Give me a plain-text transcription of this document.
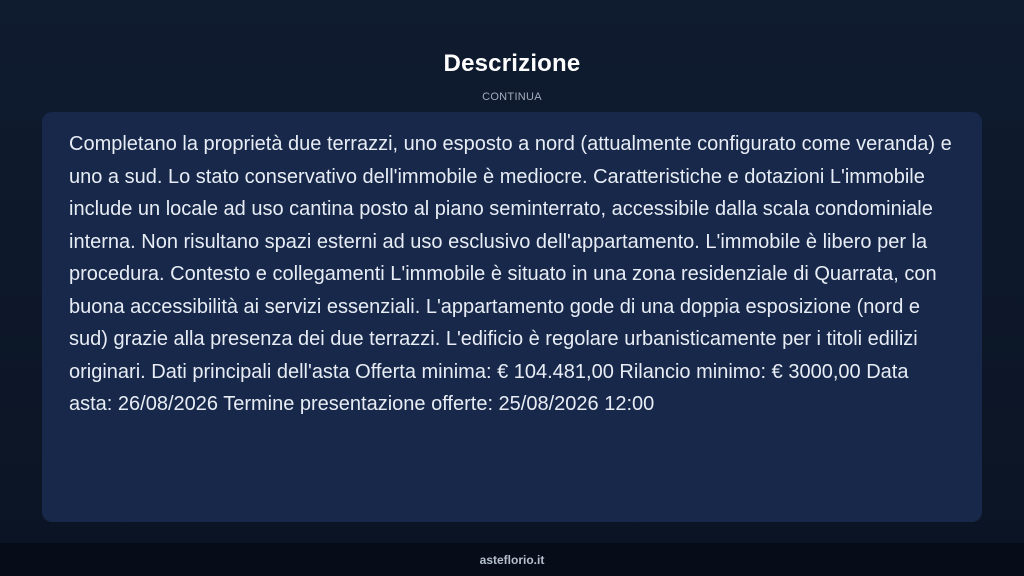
Descrizione
CONTINUA

Completano la proprietà due terrazzi, uno esposto a nord (attualmente configurato come veranda) e uno a sud. Lo stato conservativo dell'immobile è mediocre. Caratteristiche e dotazioni L'immobile include un locale ad uso cantina posto al piano seminterrato, accessibile dalla scala condominiale interna. Non risultano spazi esterni ad uso esclusivo dell'appartamento. L'immobile è libero per la procedura. Contesto e collegamenti L'immobile è situato in una zona residenziale di Quarrata, con buona accessibilità ai servizi essenziali. L'appartamento gode di una doppia esposizione (nord e sud) grazie alla presenza dei due terrazzi. L'edificio è regolare urbanisticamente per i titoli edilizi originari. Dati principali dell'asta Offerta minima: € 104.481,00 Rilancio minimo: € 3000,00 Data asta: 26/08/2026 Termine presentazione offerte: 25/08/2026 12:00

asteflorio.it
